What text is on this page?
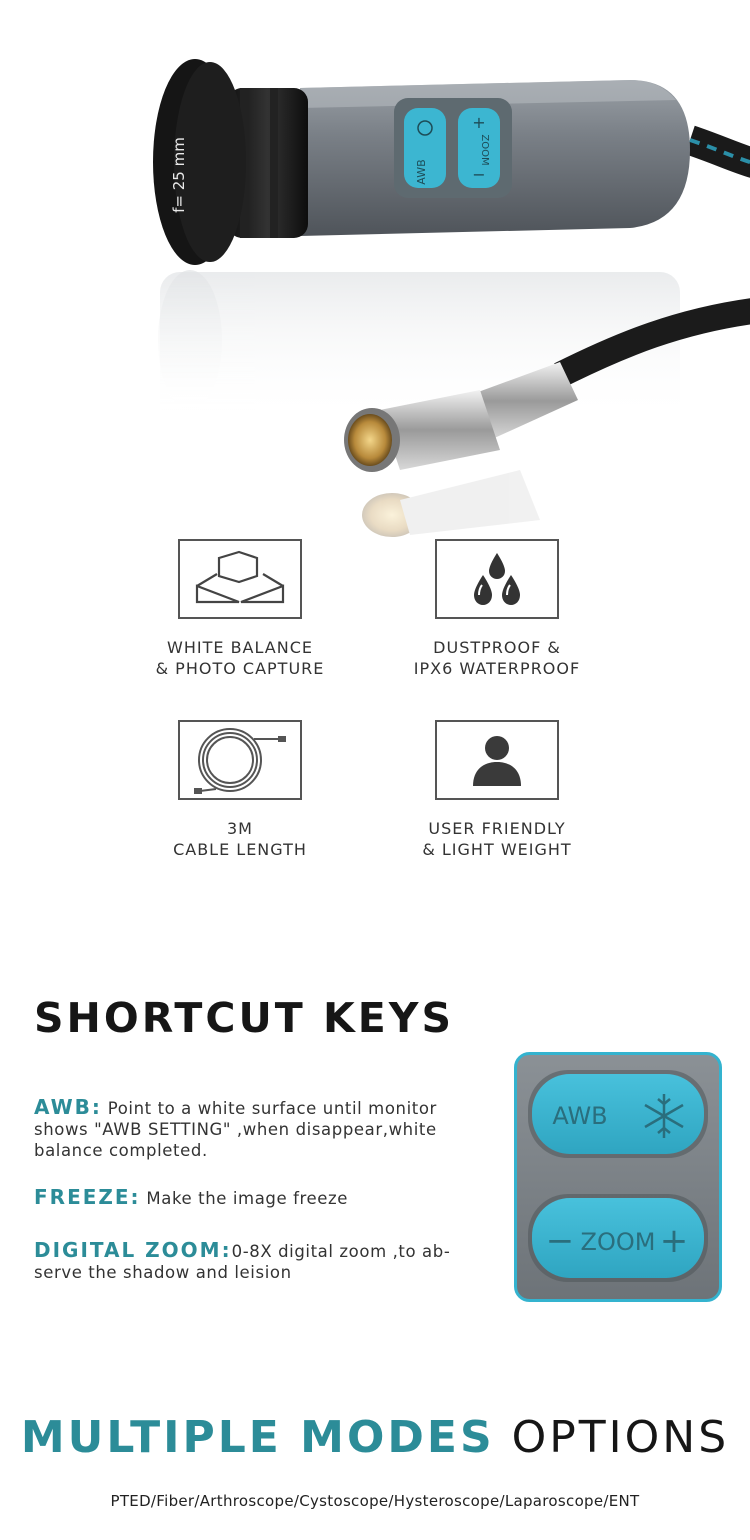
AWB
ZOOM
+
−
f= 25 mm
WHITE BALANCE
& PHOTO CAPTURE
DUSTPROOF &
IPX6 WATERPROOF
3M
CABLE LENGTH
USER FRIENDLY
& LIGHT WEIGHT
SHORTCUT KEYS
AWB: Point to a white surface until monitor shows "AWB SETTING" ,when disappear,white balance completed.
FREEZE: Make the image freeze
DIGITAL ZOOM:0-8X digital zoom ,to ab-serve the shadow and leision
AWB
− ZOOM +
MULTIPLE MODES OPTIONS
PTED/Fiber/Arthroscope/Cystoscope/Hysteroscope/Laparoscope/ENT
